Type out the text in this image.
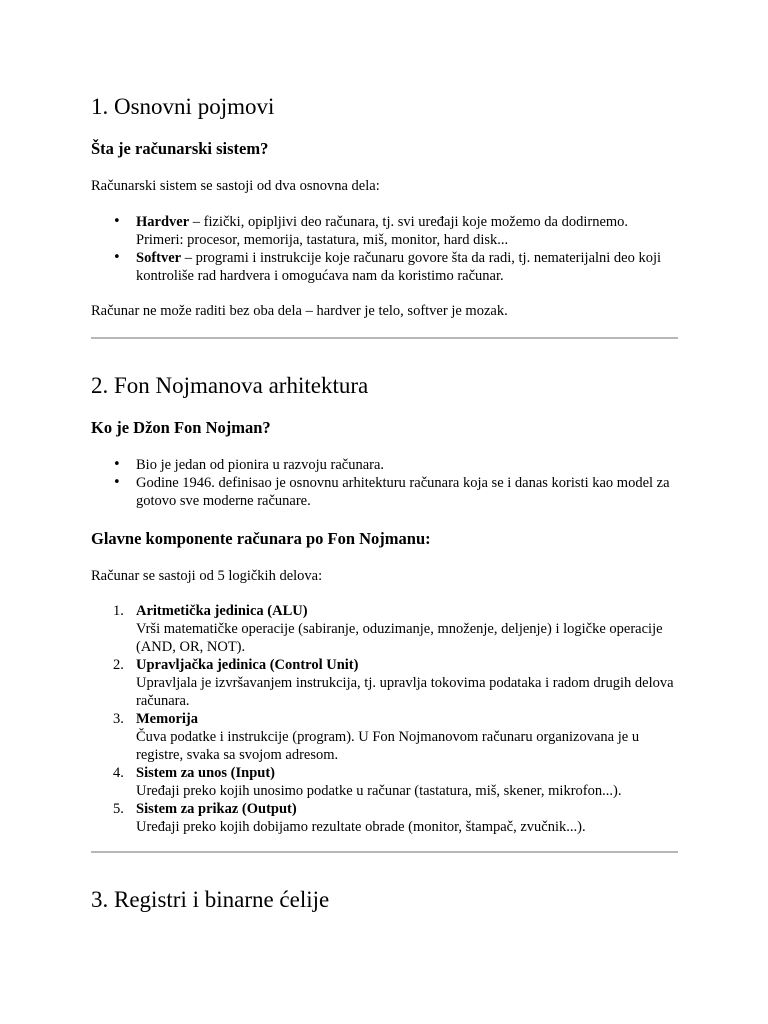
1. Osnovni pojmovi
Šta je računarski sistem?

Računarski sistem se sastoji od dva osnovna dela:

• Hardver – fizički, opipljivi deo računara, tj. svi uređaji koje možemo da dodirnemo. Primeri: procesor, memorija, tastatura, miš, monitor, hard disk...
• Softver – programi i instrukcije koje računaru govore šta da radi, tj. nematerijalni deo koji kontroliše rad hardvera i omogućava nam da koristimo računar.

Računar ne može raditi bez oba dela – hardver je telo, softver je mozak.

2. Fon Nojmanova arhitektura
Ko je Džon Fon Nojman?
• Bio je jedan od pionira u razvoju računara.
• Godine 1946. definisao je osnovnu arhitekturu računara koja se i danas koristi kao model za gotovo sve moderne računare.
Glavne komponente računara po Fon Nojmanu:

Računar se sastoji od 5 logičkih delova:

1. Aritmetička jedinica (ALU)
Vrši matematičke operacije (sabiranje, oduzimanje, množenje, deljenje) i logičke operacije (AND, OR, NOT).
2. Upravljačka jedinica (Control Unit)
Upravljala je izvršavanjem instrukcija, tj. upravlja tokovima podataka i radom drugih delova računara.
3. Memorija
Čuva podatke i instrukcije (program). U Fon Nojmanovom računaru organizovana je u registre, svaka sa svojom adresom.
4. Sistem za unos (Input)
Uređaji preko kojih unosimo podatke u računar (tastatura, miš, skener, mikrofon...).
5. Sistem za prikaz (Output)
Uređaji preko kojih dobijamo rezultate obrade (monitor, štampač, zvučnik...).
3. Registri i binarne ćelije
